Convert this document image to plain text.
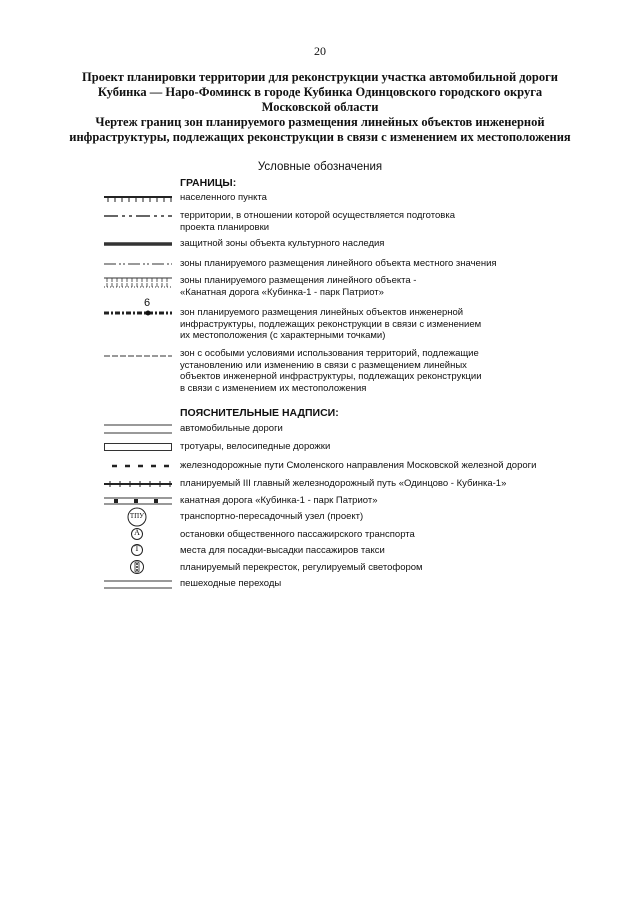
20
Проект планировки территории для реконструкции участка автомобильной дороги
Кубинка — Наро-Фоминск в городе Кубинка Одинцовского городского округа
Московской области
Чертеж границ зон планируемого размещения линейных объектов инженерной
инфраструктуры, подлежащих реконструкции в связи с изменением их местоположения
Условные обозначения
ГРАНИЦЫ:
населенного пункта
территории, в отношении которой осуществляется подготовка
проекта планировки
защитной зоны объекта культурного наследия
зоны планируемого размещения линейного объекта местного значения
зоны планируемого размещения линейного объекта -
«Канатная дорога «Кубинка-1 - парк Патриот»
6
зон планируемого размещения линейных объектов инженерной
инфраструктуры, подлежащих реконструкции в связи с изменением
их местоположения (с характерными точками)
зон с особыми условиями использования территорий, подлежащие
установлению или изменению в связи с размещением линейных
объектов инженерной инфраструктуры, подлежащих реконструкции
в связи с изменением их местоположения
ПОЯСНИТЕЛЬНЫЕ НАДПИСИ:
автомобильные дороги
тротуары, велосипедные дорожки
железнодорожные пути Смоленского направления Московской железной дороги
планируемый III главный железнодорожный путь «Одинцово - Кубинка-1»
канатная дорога «Кубинка-1 - парк Патриот»
ТПУ	транспортно-пересадочный узел (проект)
А	остановки общественного пассажирского транспорта
Т	места для посадки-высадки пассажиров такси
планируемый перекресток, регулируемый светофором
пешеходные переходы
